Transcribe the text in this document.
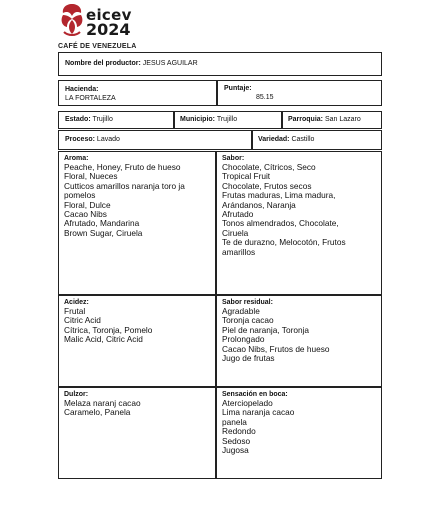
eicev
2024
CAFÉ DE VENEZUELA
Nombre del productor: JESUS AGUILAR
Hacienda:
LA FORTALEZA
Puntaje:
85.15
Estado: Trujillo	Municipio: Trujillo	Parroquia: San Lazaro
Proceso: Lavado	Variedad: Castillo
Aroma:
Peache, Honey, Fruto de hueso
Floral, Nueces
Cutticos amarillos naranja toro ja
pomelos
Floral, Dulce
Cacao Nibs
Afrutado, Mandarina
Brown Sugar, Ciruela
Sabor:
Chocolate, Cítricos, Seco
Tropical Fruit
Chocolate, Frutos secos
Frutas maduras, Lima madura,
Arándanos, Naranja
Afrutado
Tonos almendrados, Chocolate,
Ciruela
Te de durazno, Melocotón, Frutos
amarillos
Acidez:
Frutal
Citric Acid
Cítrica, Toronja, Pomelo
Malic Acid, Citric Acid
Sabor residual:
Agradable
Toronja cacao
Piel de naranja, Toronja
Prolongado
Cacao Nibs, Frutos de hueso
Jugo de frutas
Dulzor:
Melaza naranj cacao
Caramelo, Panela
Sensación en boca:
Aterciopelado
Lima naranja cacao
panela
Redondo
Sedoso
Jugosa
